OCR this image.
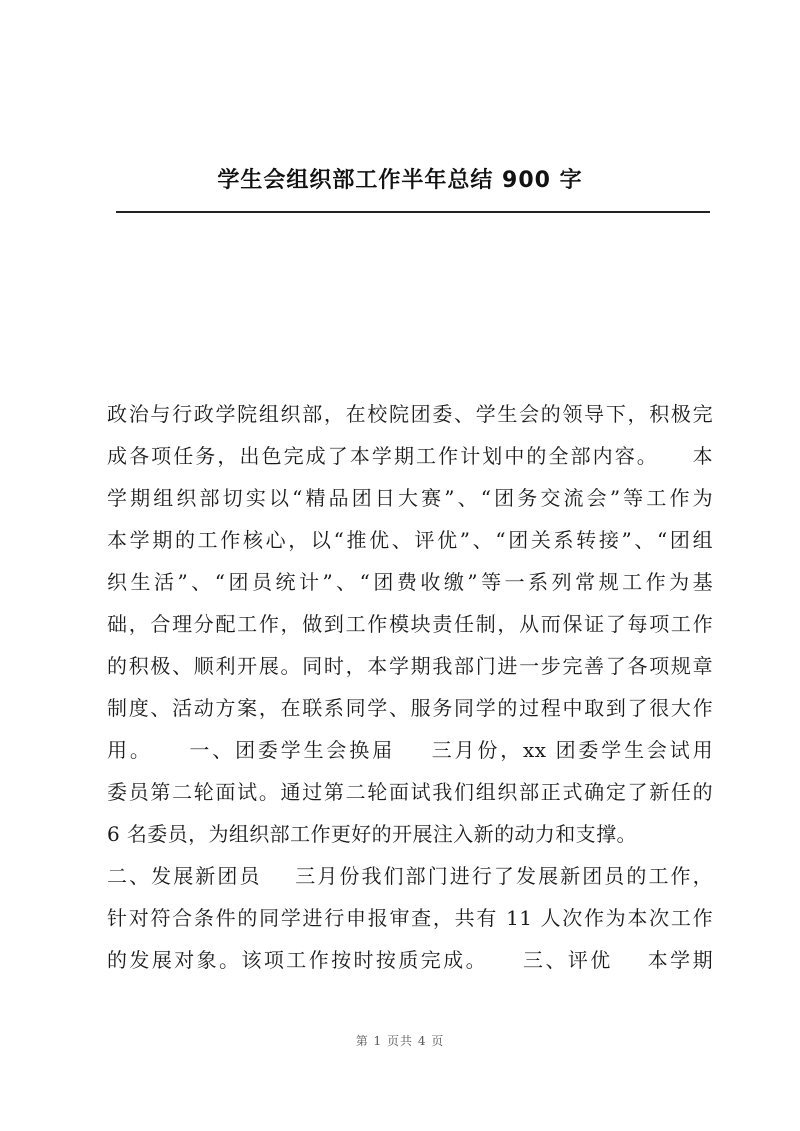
学生会组织部工作半年总结 900 字
政治与行政学院组织部，在校院团委、学生会的领导下，积极完
成各项任务，出色完成了本学期工作计划中的全部内容。    本
学期组织部切实以“精品团日大赛”、“团务交流会”等工作为
本学期的工作核心，以“推优、评优”、“团关系转接”、“团组
织生活”、“团员统计”、“团费收缴”等一系列常规工作为基
础，合理分配工作，做到工作模块责任制，从而保证了每项工作
的积极、顺利开展。同时，本学期我部门进一步完善了各项规章
制度、活动方案，在联系同学、服务同学的过程中取到了很大作
用。    一、团委学生会换届    三月份，xx 团委学生会试用
委员第二轮面试。通过第二轮面试我们组织部正式确定了新任的
6 名委员，为组织部工作更好的开展注入新的动力和支撑。
二、发展新团员    三月份我们部门进行了发展新团员的工作，
针对符合条件的同学进行申报审查，共有 11 人次作为本次工作
的发展对象。该项工作按时按质完成。    三、评优    本学期
第 1 页共 4 页
